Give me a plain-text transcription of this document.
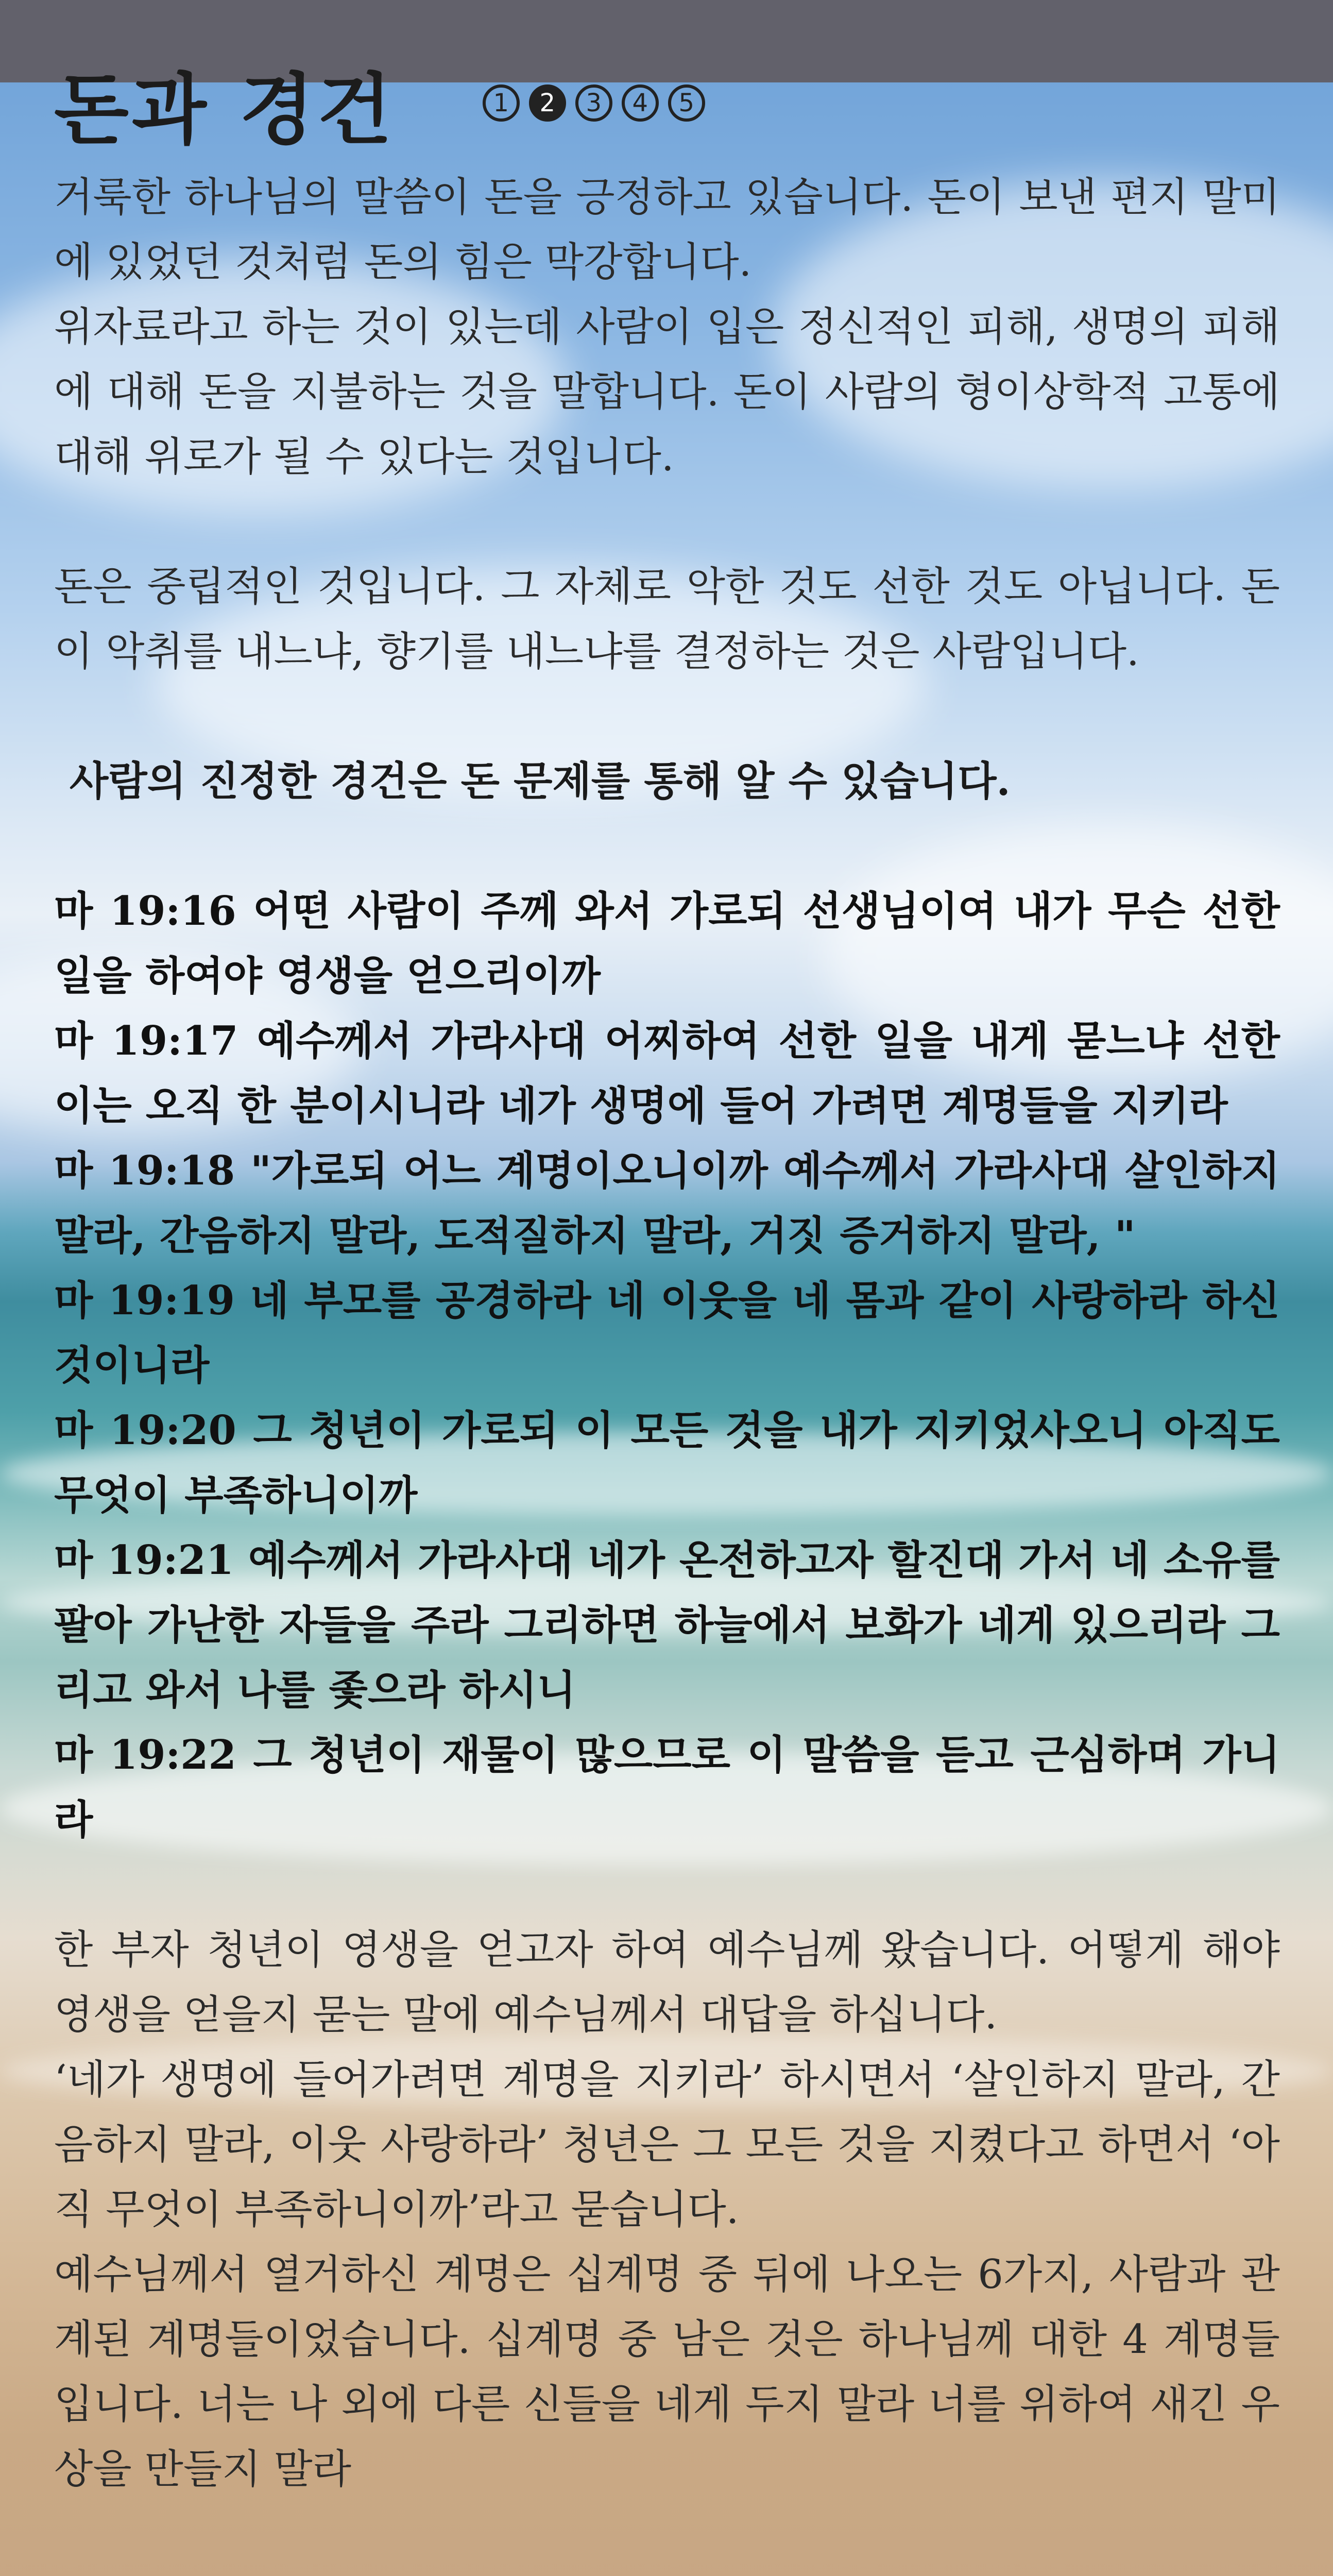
돈과 경건	1	2	3	4	5

거룩한 하나님의 말씀이 돈을 긍정하고 있습니다. 돈이 보낸 편지 말미에 있었던 것처럼 돈의 힘은 막강합니다.

위자료라고 하는 것이 있는데 사람이 입은 정신적인 피해, 생명의 피해에 대해 돈을 지불하는 것을 말합니다. 돈이 사람의 형이상학적 고통에 대해 위로가 될 수 있다는 것입니다.

돈은 중립적인 것입니다. 그 자체로 악한 것도 선한 것도 아닙니다. 돈이 악취를 내느냐, 향기를 내느냐를 결정하는 것은 사람입니다.

사람의 진정한 경건은 돈 문제를 통해 알 수 있습니다.

마 19:16 어떤 사람이 주께 와서 가로되 선생님이여 내가 무슨 선한 일을 하여야 영생을 얻으리이까

마 19:17 예수께서 가라사대 어찌하여 선한 일을 내게 묻느냐 선한 이는 오직 한 분이시니라 네가 생명에 들어 가려면 계명들을 지키라

마 19:18 "가로되 어느 계명이오니이까 예수께서 가라사대 살인하지 말라, 간음하지 말라, 도적질하지 말라, 거짓 증거하지 말라, "

마 19:19 네 부모를 공경하라 네 이웃을 네 몸과 같이 사랑하라 하신 것이니라

마 19:20 그 청년이 가로되 이 모든 것을 내가 지키었사오니 아직도 무엇이 부족하니이까

마 19:21 예수께서 가라사대 네가 온전하고자 할진대 가서 네 소유를 팔아 가난한 자들을 주라 그리하면 하늘에서 보화가 네게 있으리라 그리고 와서 나를 좇으라 하시니

마 19:22 그 청년이 재물이 많으므로 이 말씀을 듣고 근심하며 가니라

한 부자 청년이 영생을 얻고자 하여 예수님께 왔습니다. 어떻게 해야 영생을 얻을지 묻는 말에 예수님께서 대답을 하십니다.

‘네가 생명에 들어가려면 계명을 지키라’ 하시면서 ‘살인하지 말라, 간음하지 말라, 이웃 사랑하라’ 청년은 그 모든 것을 지켰다고 하면서 ‘아직 무엇이 부족하니이까’라고 묻습니다.

예수님께서 열거하신 계명은 십계명 중 뒤에 나오는 6가지, 사람과 관계된 계명들이었습니다. 십계명 중 남은 것은 하나님께 대한 4 계명들입니다. 너는 나 외에 다른 신들을 네게 두지 말라 너를 위하여 새긴 우상을 만들지 말라
